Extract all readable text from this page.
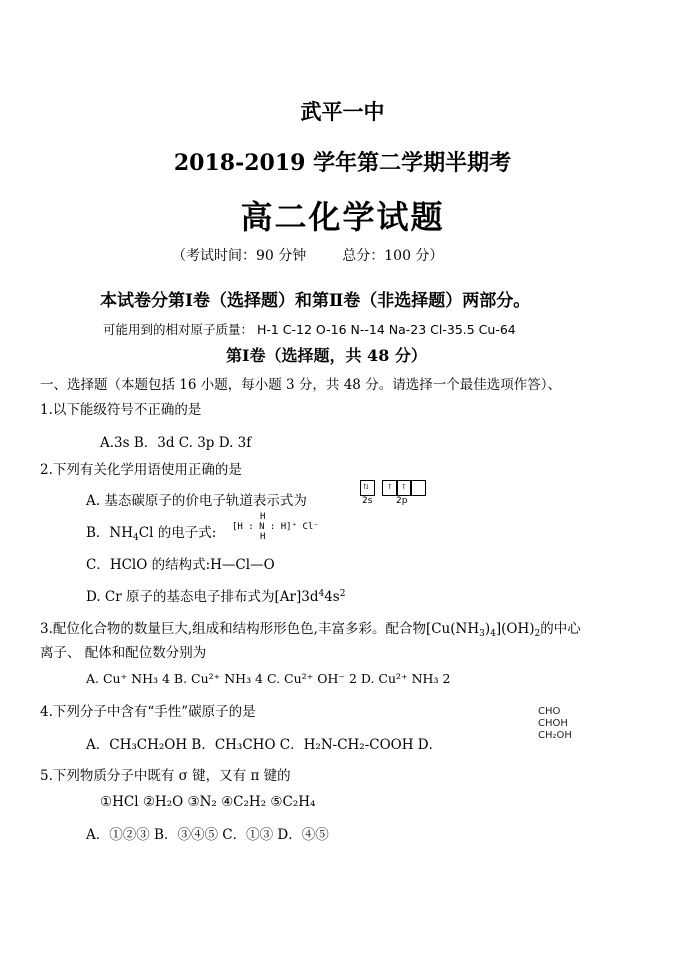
武平一中
2018-2019 学年第二学期半期考
高二化学试题
（考试时间：90 分钟	总分：100 分）
本试卷分第Ⅰ卷（选择题）和第Ⅱ卷（非选择题）两部分。
可能用到的相对原子质量： H-1 C-12 O-16 N--14 Na-23 Cl-35.5 Cu-64
第Ⅰ卷（选择题，共 48 分）
一、选择题（本题包括 16 小题，每小题 3 分，共 48 分。请选择一个最佳选项作答）、
1.以下能级符号不正确的是
A.3s B．3d C. 3p D. 3f
2.下列有关化学用语使用正确的是
A. 基态碳原子的价电子轨道表示式为
⇅	↑ ↑
2s	2p
B．$NH_4Cl$ 的电子式:
H
[H : N : H]⁺ Cl⁻
H
C．HClO 的结构式:H—Cl—O
D. Cr 原子的基态电子排布式为$[Ar]3d^44s^2$
3.配位化合物的数量巨大,组成和结构形形色色,丰富多彩。配合物$[Cu(NH_3)_4](OH)_2$的中心
离子、 配体和配位数分别为
A. Cu⁺ NH₃ 4 B. Cu²⁺ NH₃ 4 C. Cu²⁺ OH⁻ 2 D. Cu²⁺ NH₃ 2
4.下列分子中含有“手性”碳原子的是
A．CH₃CH₂OH B．CH₃CHO C．H₂N-CH₂-COOH D．
CHO
CHOH
CH₂OH
5.下列物质分子中既有 σ 键，又有 π 键的
①HCl ②H₂O ③N₂ ④C₂H₂ ⑤C₂H₄
A．①②③ B．③④⑤ C．①③ D．④⑤
